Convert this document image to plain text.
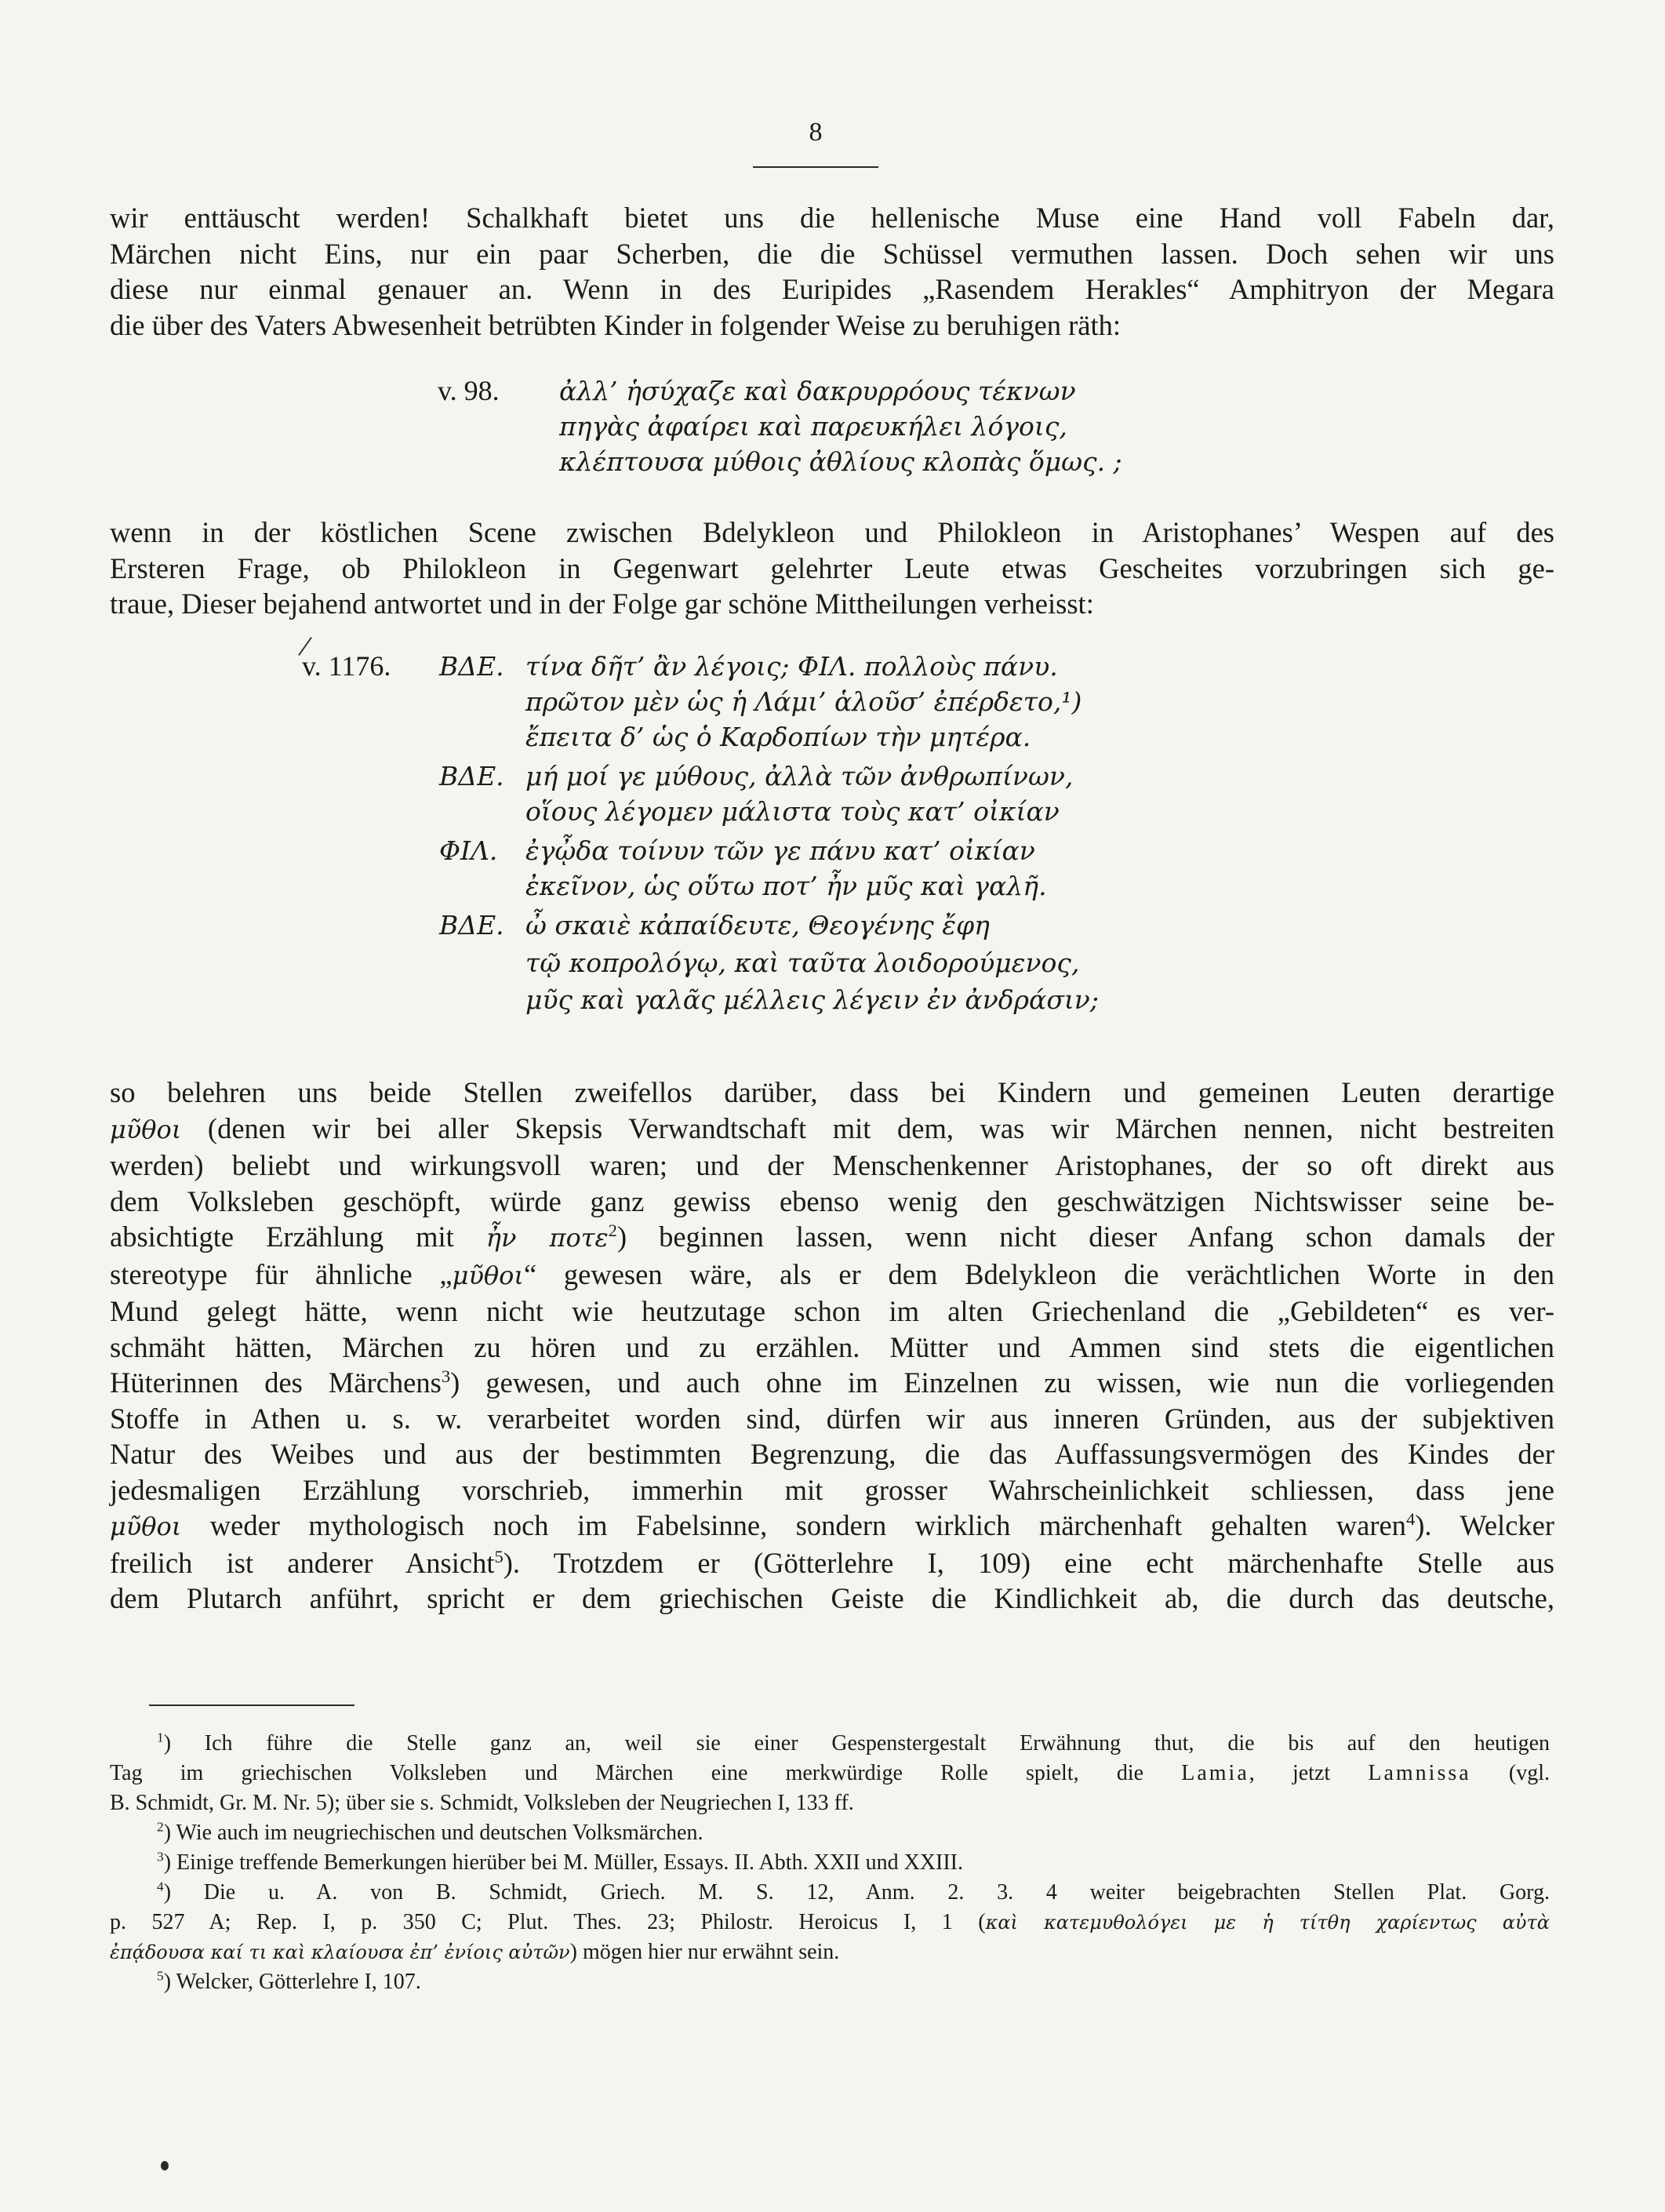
8
wir enttäuscht werden! Schalkhaft bietet uns die hellenische Muse eine Hand voll Fabeln dar,
Märchen nicht Eins, nur ein paar Scherben, die die Schüssel vermuthen lassen. Doch sehen wir uns
diese nur einmal genauer an. Wenn in des Euripides „Rasendem Herakles“ Amphitryon der Megara
die über des Vaters Abwesenheit betrübten Kinder in folgender Weise zu beruhigen räth:
v. 98.	ἀλλ’ ἡσύχαζε καὶ δακρυρρόους τέκνων
πηγὰς ἀφαίρει καὶ παρευκήλει λόγοις,
κλέπτουσα μύθοις ἀθλίους κλοπὰς ὅμως. ;
wenn in der köstlichen Scene zwischen Bdelykleon und Philokleon in Aristophanes’ Wespen auf des
Ersteren Frage, ob Philokleon in Gegenwart gelehrter Leute etwas Gescheites vorzubringen sich ge-
traue, Dieser bejahend antwortet und in der Folge gar schöne Mittheilungen verheisst:
v. 1176.	ΒΔΕ. τίνα δῆτ’ ἂν λέγοις; ΦΙΛ. πολλοὺς πάνυ.
πρῶτον μὲν ὡς ἡ Λάμι’ ἁλοῦσ’ ἐπέρδετο,¹)
ἔπειτα δ’ ὡς ὁ Καρδοπίων τὴν μητέρα.
ΒΔΕ. μή μοί γε μύθους, ἀλλὰ τῶν ἀνθρωπίνων,
οἵους λέγομεν μάλιστα τοὺς κατ’ οἰκίαν
ΦΙΛ.	ἐγᾦδα τοίνυν τῶν γε πάνυ κατ’ οἰκίαν
ἐκεῖνον, ὡς οὕτω ποτ’ ἦν μῦς καὶ γαλῆ.
ΒΔΕ. ὦ σκαιὲ κἀπαίδευτε, Θεογένης ἔφη
τῷ κοπρολόγῳ, καὶ ταῦτα λοιδορούμενος,
μῦς καὶ γαλᾶς μέλλεις λέγειν ἐν ἀνδράσιν;
so belehren uns beide Stellen zweifellos darüber, dass bei Kindern und gemeinen Leuten derartige
μῦθοι (denen wir bei aller Skepsis Verwandtschaft mit dem, was wir Märchen nennen, nicht bestreiten
werden) beliebt und wirkungsvoll waren; und der Menschenkenner Aristophanes, der so oft direkt aus
dem Volksleben geschöpft, würde ganz gewiss ebenso wenig den geschwätzigen Nichtswisser seine be-
absichtigte Erzählung mit ἦν ποτε$^2$) beginnen lassen, wenn nicht dieser Anfang schon damals der
stereotype für ähnliche „μῦθοι“ gewesen wäre, als er dem Bdelykleon die verächtlichen Worte in den
Mund gelegt hätte, wenn nicht wie heutzutage schon im alten Griechenland die „Gebildeten“ es ver-
schmäht hätten, Märchen zu hören und zu erzählen. Mütter und Ammen sind stets die eigentlichen
Hüterinnen des Märchens$^3$) gewesen, und auch ohne im Einzelnen zu wissen, wie nun die vorliegenden
Stoffe in Athen u. s. w. verarbeitet worden sind, dürfen wir aus inneren Gründen, aus der subjektiven
Natur des Weibes und aus der bestimmten Begrenzung, die das Auffassungsvermögen des Kindes der
jedesmaligen Erzählung vorschrieb, immerhin mit grosser Wahrscheinlichkeit schliessen, dass jene
μῦθοι weder mythologisch noch im Fabelsinne, sondern wirklich märchenhaft gehalten waren$^4$). Welcker
freilich ist anderer Ansicht$^5$). Trotzdem er (Götterlehre I, 109) eine echt märchenhafte Stelle aus
dem Plutarch anführt, spricht er dem griechischen Geiste die Kindlichkeit ab, die durch das deutsche,
$^1$) Ich führe die Stelle ganz an, weil sie einer Gespenstergestalt Erwähnung thut, die bis auf den heutigen
Tag im griechischen Volksleben und Märchen eine merkwürdige Rolle spielt, die Lamia, jetzt Lamnissa (vgl.
B. Schmidt, Gr. M. Nr. 5); über sie s. Schmidt, Volksleben der Neugriechen I, 133 ff.
$^2$) Wie auch im neugriechischen und deutschen Volksmärchen.
$^3$) Einige treffende Bemerkungen hierüber bei M. Müller, Essays. II. Abth. XXII und XXIII.
$^4$) Die u. A. von B. Schmidt, Griech. M. S. 12, Anm. 2. 3. 4 weiter beigebrachten Stellen Plat. Gorg.
p. 527 A; Rep. I, p. 350 C; Plut. Thes. 23; Philostr. Heroicus I, 1 (καὶ κατεμυθολόγει με ἡ τίτθη χαρίεντως αὐτὰ
ἐπᾴδουσα καί τι καὶ κλαίουσα ἐπ’ ἐνίοις αὐτῶν) mögen hier nur erwähnt sein.
$^5$) Welcker, Götterlehre I, 107.
